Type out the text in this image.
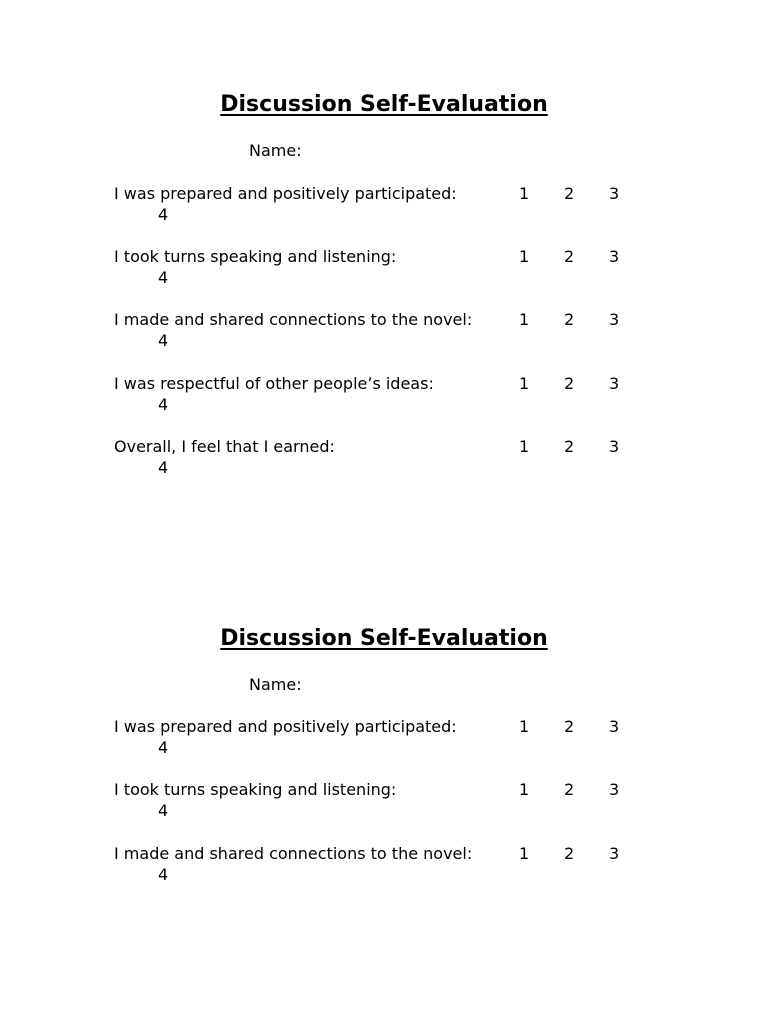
Discussion Self-Evaluation
Name:
I was prepared and positively participated:	1 2 3
4
I took turns speaking and listening:	1 2 3
4
I made and shared connections to the novel:	1 2 3
4
I was respectful of other people’s ideas:	1 2 3
4
Overall, I feel that I earned:	1 2 3
4
Discussion Self-Evaluation
Name:
I was prepared and positively participated:	1 2 3
4
I took turns speaking and listening:	1 2 3
4
I made and shared connections to the novel:	1 2 3
4
